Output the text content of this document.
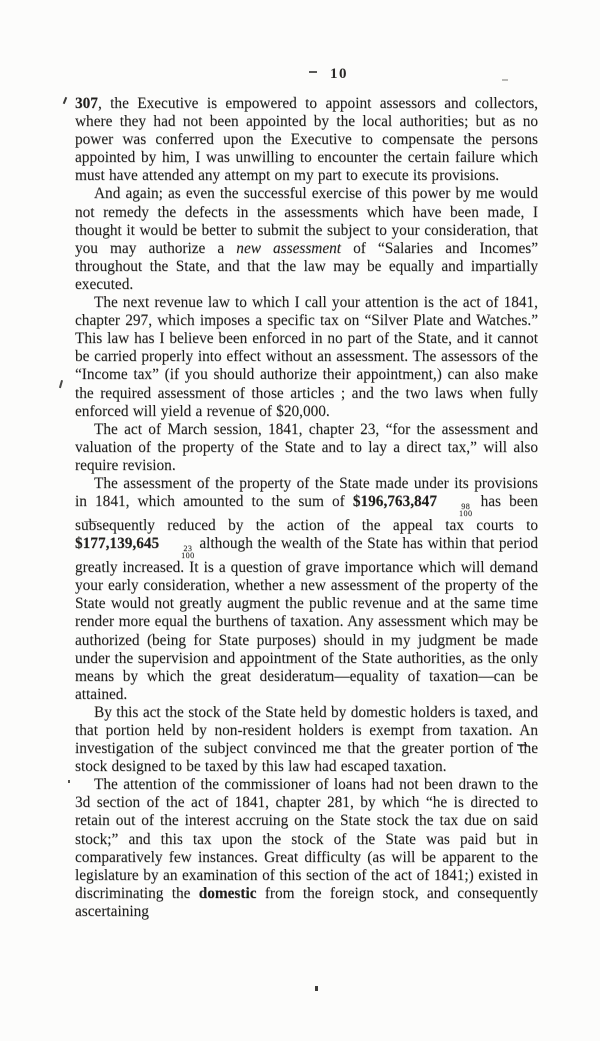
10

307, the Executive is empowered to appoint assessors and collectors, where they had not been appointed by the local authorities; but as no power was conferred upon the Executive to compensate the persons appointed by him, I was unwilling to encounter the certain failure which must have attended any attempt on my part to execute its provisions.

And again; as even the successful exercise of this power by me would not remedy the defects in the assessments which have been made, I thought it would be better to submit the subject to your consideration, that you may authorize a new assessment of “Salaries and Incomes” throughout the State, and that the law may be equally and impartially executed.

The next revenue law to which I call your attention is the act of 1841, chapter 297, which imposes a specific tax on “Silver Plate and Watches.” This law has I believe been enforced in no part of the State, and it cannot be carried properly into effect without an assessment. The assessors of the “Income tax” (if you should authorize their appointment,) can also make the required assessment of those articles ; and the two laws when fully enforced will yield a revenue of $20,000.

The act of March session, 1841, chapter 23, “for the assessment and valuation of the property of the State and to lay a direct tax,” will also require revision.

The assessment of the property of the State made under its provisions in 1841, which amounted to the sum of $196,763,847	98
100
has been subsequently reduced by the action of the appeal tax courts to $177,139,645	23
100
although the wealth of the State has within that period greatly increased. It is a question of grave importance which will demand your early consideration, whether a new assessment of the property of the State would not greatly augment the public revenue and at the same time render more equal the burthens of taxation. Any assessment which may be authorized (being for State purposes) should in my judgment be made under the supervision and appointment of the State authorities, as the only means by which the great desideratum—equality of taxation—can be attained.

By this act the stock of the State held by domestic holders is taxed, and that portion held by non-resident holders is exempt from taxation. An investigation of the subject convinced me that the greater portion of the stock designed to be taxed by this law had escaped taxation.

The attention of the commissioner of loans had not been drawn to the 3d section of the act of 1841, chapter 281, by which “he is directed to retain out of the interest accruing on the State stock the tax due on said stock;” and this tax upon the stock of the State was paid but in comparatively few instances. Great difficulty (as will be apparent to the legislature by an examination of this section of the act of 1841;) existed in discriminating the domestic from the foreign stock, and consequently ascertaining
